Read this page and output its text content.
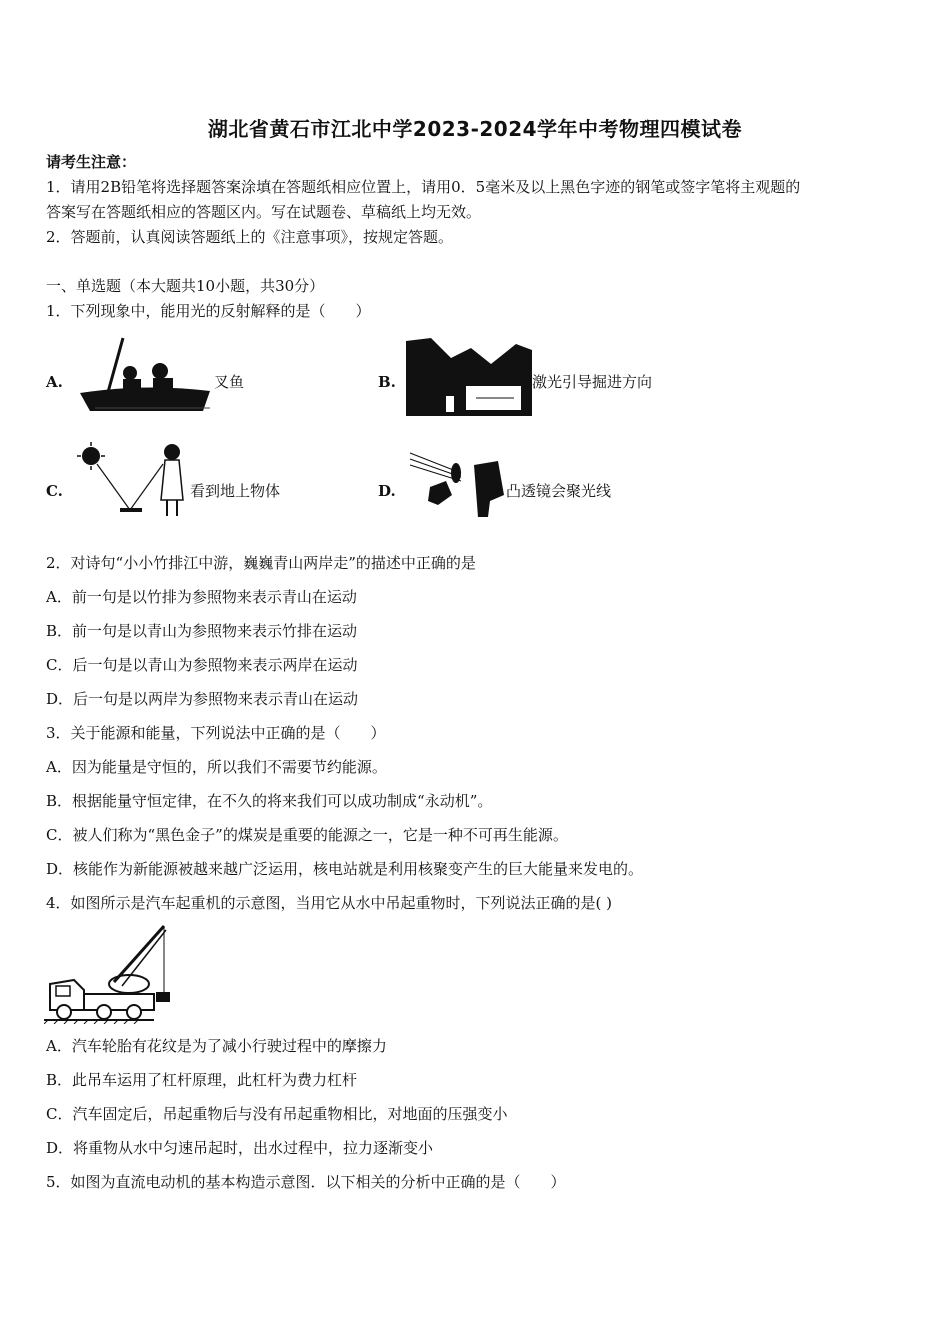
湖北省黄石市江北中学2023-2024学年中考物理四模试卷
请考生注意：
1．请用2B铅笔将选择题答案涂填在答题纸相应位置上，请用0．5毫米及以上黑色字迹的钢笔或签字笔将主观题的
答案写在答题纸相应的答题区内。写在试题卷、草稿纸上均无效。
2．答题前，认真阅读答题纸上的《注意事项》，按规定答题。
一、单选题（本大题共10小题，共30分）
1．下列现象中，能用光的反射解释的是（　　）
A.	叉鱼	B.	激光引导掘进方向
C.	看到地上物体	D.	凸透镜会聚光线
2．对诗句“小小竹排江中游，巍巍青山两岸走”的描述中正确的是
A．前一句是以竹排为参照物来表示青山在运动
B．前一句是以青山为参照物来表示竹排在运动
C．后一句是以青山为参照物来表示两岸在运动
D．后一句是以两岸为参照物来表示青山在运动
3．关于能源和能量，下列说法中正确的是（　　）
A．因为能量是守恒的，所以我们不需要节约能源。
B．根据能量守恒定律，在不久的将来我们可以成功制成“永动机”。
C．被人们称为“黑色金子”的煤炭是重要的能源之一，它是一种不可再生能源。
D．核能作为新能源被越来越广泛运用，核电站就是利用核聚变产生的巨大能量来发电的。
4．如图所示是汽车起重机的示意图，当用它从水中吊起重物时，下列说法正确的是( )
A．汽车轮胎有花纹是为了减小行驶过程中的摩擦力
B．此吊车运用了杠杆原理，此杠杆为费力杠杆
C．汽车固定后，吊起重物后与没有吊起重物相比，对地面的压强变小
D．将重物从水中匀速吊起时，出水过程中，拉力逐渐变小
5．如图为直流电动机的基本构造示意图．以下相关的分析中正确的是（　　）
